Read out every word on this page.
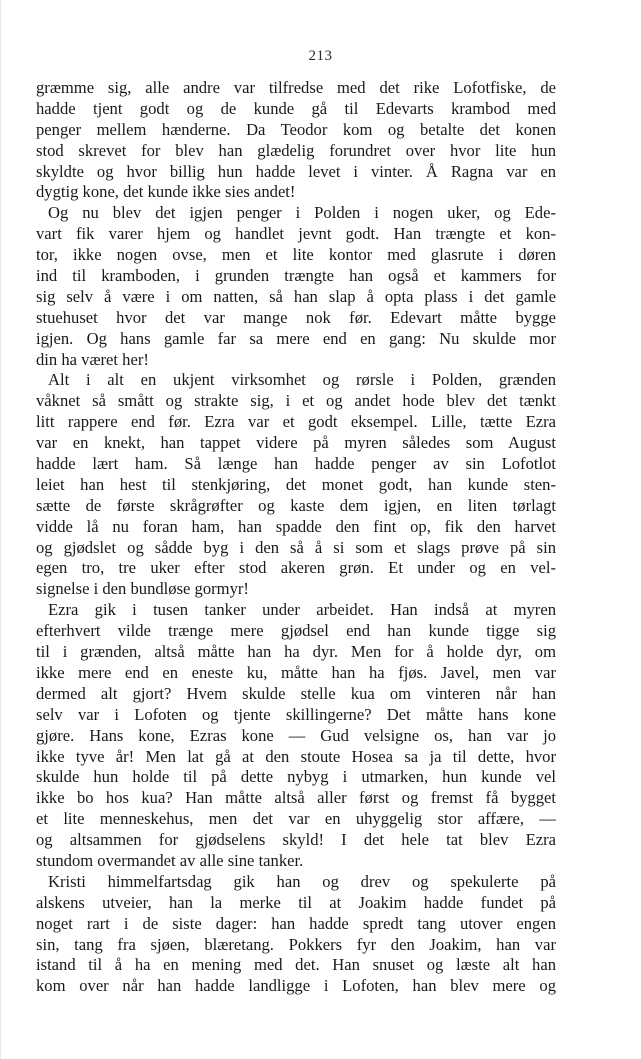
213
græmme sig, alle andre var tilfredse med det rike Lofotfiske, de
hadde tjent godt og de kunde gå til Edevarts krambod med
penger mellem hænderne. Da Teodor kom og betalte det konen
stod skrevet for blev han glædelig forundret over hvor lite hun
skyldte og hvor billig hun hadde levet i vinter. Å Ragna var en
dygtig kone, det kunde ikke sies andet!
Og nu blev det igjen penger i Polden i nogen uker, og Ede-
vart fik varer hjem og handlet jevnt godt. Han trængte et kon-
tor, ikke nogen ovse, men et lite kontor med glasrute i døren
ind til kramboden, i grunden trængte han også et kammers for
sig selv å være i om natten, så han slap å opta plass i det gamle
stuehuset hvor det var mange nok før. Edevart måtte bygge
igjen. Og hans gamle far sa mere end en gang: Nu skulde mor
din ha været her!
Alt i alt en ukjent virksomhet og rørsle i Polden, grænden
våknet så smått og strakte sig, i et og andet hode blev det tænkt
litt rappere end før. Ezra var et godt eksempel. Lille, tætte Ezra
var en knekt, han tappet videre på myren således som August
hadde lært ham. Så længe han hadde penger av sin Lofotlot
leiet han hest til stenkjøring, det monet godt, han kunde sten-
sætte de første skrågrøfter og kaste dem igjen, en liten tørlagt
vidde lå nu foran ham, han spadde den fint op, fik den harvet
og gjødslet og sådde byg i den så å si som et slags prøve på sin
egen tro, tre uker efter stod akeren grøn. Et under og en vel-
signelse i den bundløse gormyr!
Ezra gik i tusen tanker under arbeidet. Han indså at myren
efterhvert vilde trænge mere gjødsel end han kunde tigge sig
til i grænden, altså måtte han ha dyr. Men for å holde dyr, om
ikke mere end en eneste ku, måtte han ha fjøs. Javel, men var
dermed alt gjort? Hvem skulde stelle kua om vinteren når han
selv var i Lofoten og tjente skillingerne? Det måtte hans kone
gjøre. Hans kone, Ezras kone — Gud velsigne os, han var jo
ikke tyve år! Men lat gå at den stoute Hosea sa ja til dette, hvor
skulde hun holde til på dette nybyg i utmarken, hun kunde vel
ikke bo hos kua? Han måtte altså aller først og fremst få bygget
et lite menneskehus, men det var en uhyggelig stor affære, —
og altsammen for gjødselens skyld! I det hele tat blev Ezra
stundom overmandet av alle sine tanker.
Kristi himmelfartsdag gik han og drev og spekulerte på
alskens utveier, han la merke til at Joakim hadde fundet på
noget rart i de siste dager: han hadde spredt tang utover engen
sin, tang fra sjøen, blæretang. Pokkers fyr den Joakim, han var
istand til å ha en mening med det. Han snuset og læste alt han
kom over når han hadde landligge i Lofoten, han blev mere og
